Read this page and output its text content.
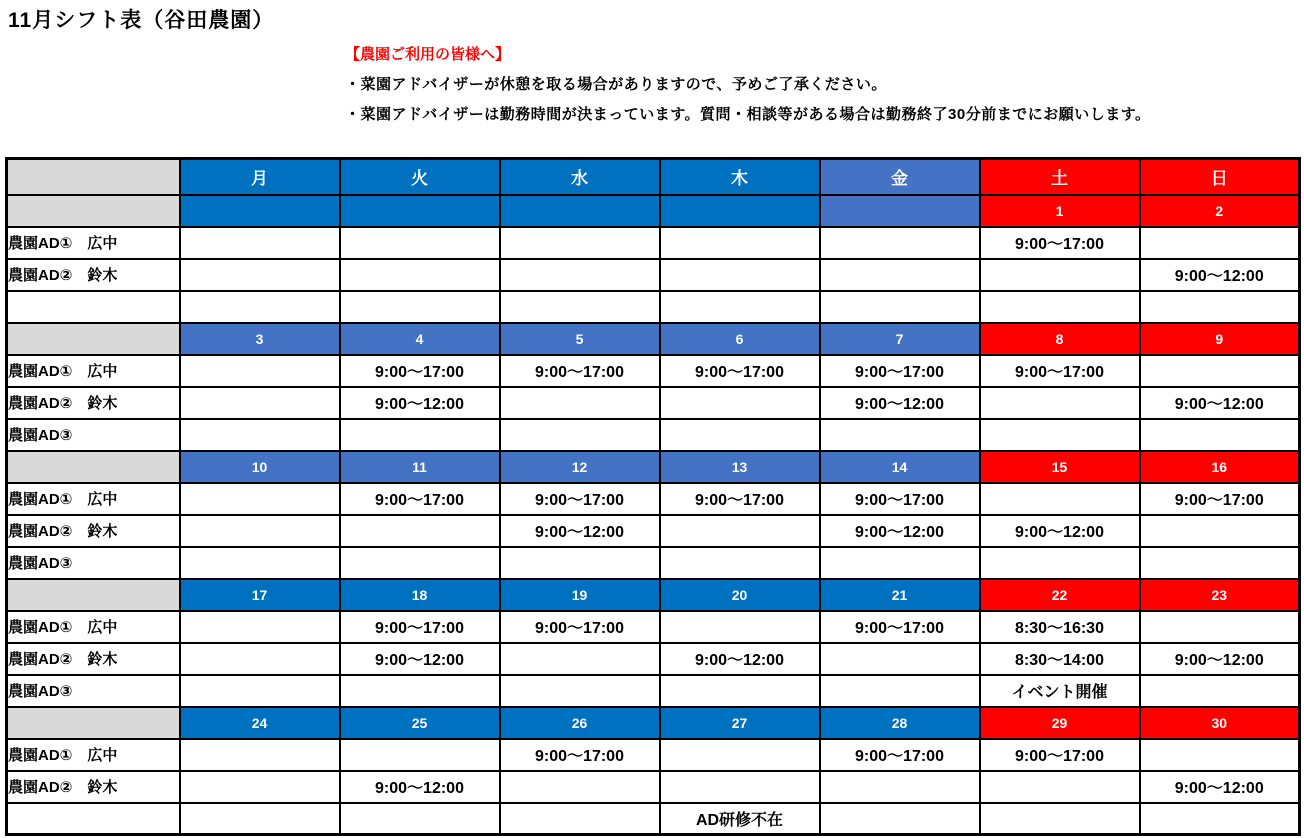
11月シフト表（谷田農園）
【農園ご利用の皆様へ】
・菜園アドバイザーが休憩を取る場合がありますので、予めご了承ください。
・菜園アドバイザーは勤務時間が決まっています。質問・相談等がある場合は勤務終了30分前までにお願いします。
	月	火	水	木	金	土	日
						1	2
農園AD①　広中						9:00～17:00	
農園AD②　鈴木							9:00～12:00

	3	4	5	6	7	8	9
農園AD①　広中		9:00～17:00	9:00～17:00	9:00～17:00	9:00～17:00	9:00～17:00	
農園AD②　鈴木		9:00～12:00			9:00～12:00		9:00～12:00
農園AD③							
	10	11	12	13	14	15	16
農園AD①　広中		9:00～17:00	9:00～17:00	9:00～17:00	9:00～17:00		9:00～17:00
農園AD②　鈴木			9:00～12:00		9:00～12:00	9:00～12:00	
農園AD③							
	17	18	19	20	21	22	23
農園AD①　広中		9:00～17:00	9:00～17:00		9:00～17:00	8:30～16:30	
農園AD②　鈴木		9:00～12:00		9:00～12:00		8:30～14:00	9:00～12:00
農園AD③						イベント開催	
	24	25	26	27	28	29	30
農園AD①　広中			9:00～17:00		9:00～17:00	9:00～17:00	
農園AD②　鈴木		9:00～12:00					9:00～12:00
				AD研修不在			
